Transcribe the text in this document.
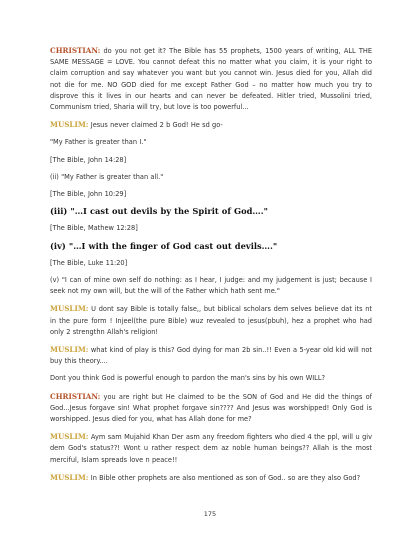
CHRISTIAN: do you not get it? The Bible has 55 prophets, 1500 years of writing, ALL THE SAME MESSAGE = LOVE. You cannot defeat this no matter what you claim, it is your right to claim corruption and say whatever you want but you cannot win. Jesus died for you, Allah did not die for me. NO GOD died for me except Father God – no matter how much you try to disprove this it lives in our hearts and can never be defeated. Hitler tried, Mussolini tried, Communism tried, Sharia will try, but love is too powerful...

MUSLIM: Jesus never claimed 2 b God! He sd go-

"My Father is greater than I."

[The Bible, John 14:28]

(ii) "My Father is greater than all."

[The Bible, John 10:29]

(iii) "…I cast out devils by the Spirit of God…."

[The Bible, Mathew 12:28]

(iv) "…I with the finger of God cast out devils…."

[The Bible, Luke 11:20]

(v) "I can of mine own self do nothing: as I hear, I judge: and my judgement is just; because I seek not my own will, but the will of the Father which hath sent me."

MUSLIM: U dont say Bible is totally false,, but biblical scholars dem selves believe dat its nt in the pure form ! Injeel(the pure Bible) wuz revealed to jesus(pbuh), hez a prophet who had only 2 strengthn Allah's religion!

MUSLIM: what kind of play is this? God dying for man 2b sin..!! Even a 5-year old kid will not buy this theory....

Dont you think God is powerful enough to pardon the man's sins by his own WILL?

CHRISTIAN: you are right but He claimed to be the SON of God and He did the things of God...Jesus forgave sin! What prophet forgave sin???? And Jesus was worshipped! Only God is worshipped. Jesus died for you, what has Allah done for me?

MUSLIM: Aym sam Mujahid Khan Der asm any freedom fighters who died 4 the ppl, will u giv dem God's status??! Wont u rather respect dem az noble human beings?? Allah is the most merciful, Islam spreads love n peace!!

MUSLIM: In Bible other prophets are also mentioned as son of God.. so are they also God?

175
